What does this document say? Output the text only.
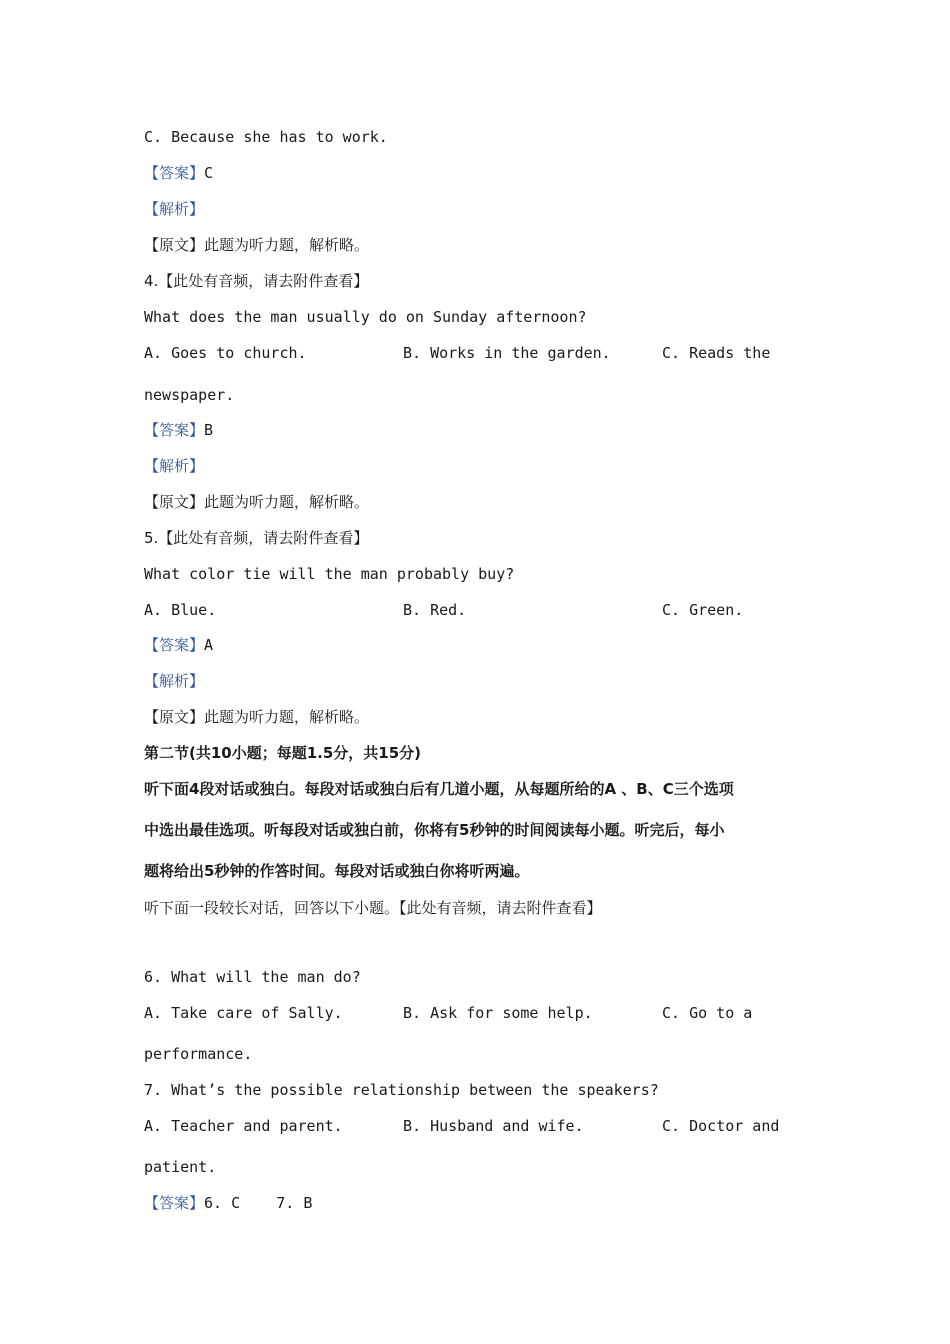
C. Because she has to work.
【答案】C
【解析】
【原文】此题为听力题，解析略。
4.【此处有音频，请去附件查看】
What does the man usually do on Sunday afternoon?
A. Goes to church.	B. Works in the garden.	C. Reads the
newspaper.
【答案】B
【解析】
【原文】此题为听力题，解析略。
5.【此处有音频，请去附件查看】
What color tie will the man probably buy?
A. Blue.	B. Red.	C. Green.
【答案】A
【解析】
【原文】此题为听力题，解析略。
第二节(共10小题；每题1.5分，共15分)
听下面4段对话或独白。每段对话或独白后有几道小题，从每题所给的A 、B、C三个选项
中选出最佳选项。听每段对话或独白前，你将有5秒钟的时间阅读每小题。听完后，每小
题将给出5秒钟的作答时间。每段对话或独白你将听两遍。
听下面一段较长对话，回答以下小题。【此处有音频，请去附件查看】
6. What will the man do?
A. Take care of Sally.	B. Ask for some help.	C. Go to a
performance.
7. What’s the possible relationship between the speakers?
A. Teacher and parent.	B. Husband and wife.	C. Doctor and
patient.
【答案】6. C    7. B
